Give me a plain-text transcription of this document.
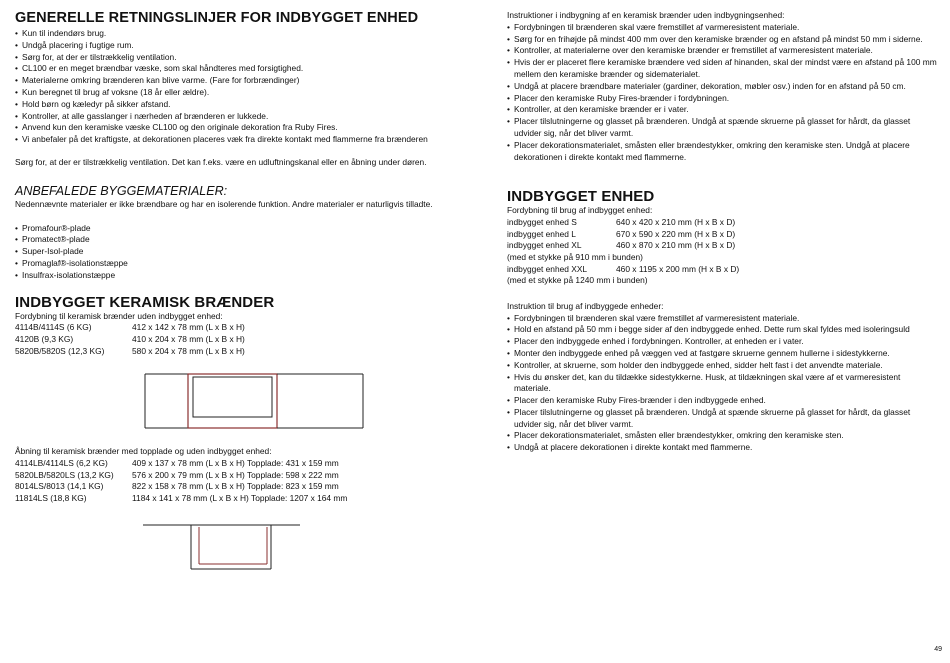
GENERELLE RETNINGSLINJER FOR INDBYGGET ENHED
• Kun til indendørs brug.
• Undgå placering i fugtige rum.
• Sørg for, at der er tilstrækkelig ventilation.
• CL100 er en meget brændbar væske, som skal håndteres med forsigtighed.
• Materialerne omkring brænderen kan blive varme. (Fare for forbrændinger)
• Kun beregnet til brug af voksne (18 år eller ældre).
• Hold børn og kæledyr på sikker afstand.
• Kontroller, at alle gasslanger i nærheden af brænderen er lukkede.
• Anvend kun den keramiske væske CL100 og den originale dekoration fra Ruby Fires.
• Vi anbefaler på det kraftigste, at dekorationen placeres væk fra direkte kontakt med flammerne fra brænderen
Sørg for, at der er tilstrækkelig ventilation. Det kan f.eks. være en udluftningskanal eller en åbning under døren.
ANBEFALEDE BYGGEMATERIALER:
Nedennævnte materialer er ikke brændbare og har en isolerende funktion. Andre materialer er naturligvis tilladte.
• Promafour®-plade
• Promatect®-plade
• Super-Isol-plade
• Promaglaf®-isolationstæppe
• Insulfrax-isolationstæppe
INDBYGGET KERAMISK BRÆNDER
Fordybning til keramisk brænder uden indbygget enhed:
4114B/4114S (6 KG)	412 x 142 x 78 mm (L x B x H)
4120B (9,3 KG)	410 x 204 x 78 mm (L x B x H)
5820B/5820S (12,3 KG)	580 x 204 x 78 mm (L x B x H)
Åbning til keramisk brænder med topplade og uden indbygget enhed:
4114LB/4114LS (6,2 KG)	409 x 137 x 78 mm (L x B x H) Topplade: 431 x 159 mm
5820LB/5820LS (13,2 KG)	576 x 200 x 79 mm (L x B x H) Topplade: 598 x 222 mm
8014LS/8013 (14,1 KG)	822 x 158 x 78 mm (L x B x H) Topplade: 823 x 159 mm
11814LS (18,8 KG)	1184 x 141 x 78 mm (L x B x H) Topplade: 1207 x 164 mm
Instruktioner i indbygning af en keramisk brænder uden indbygningsenhed:
• Fordybningen til brænderen skal være fremstillet af varmeresistent materiale.
• Sørg for en frihøjde på mindst 400 mm over den keramiske brænder og en afstand på mindst 50 mm i siderne.
• Kontroller, at materialerne over den keramiske brænder er fremstillet af varmeresistent materiale.
• Hvis der er placeret flere keramiske brændere ved siden af hinanden, skal der mindst være en afstand på 100 mm mellem den keramiske brænder og sidematerialet.
• Undgå at placere brændbare materialer (gardiner, dekoration, møbler osv.) inden for en afstand på 50 cm.
• Placer den keramiske Ruby Fires-brænder i fordybningen.
• Kontroller, at den keramiske brænder er i vater.
• Placer tilslutningerne og glasset på brænderen. Undgå at spænde skruerne på glasset for hårdt, da glasset udvider sig, når det bliver varmt.
• Placer dekorationsmaterialet, småsten eller brændestykker, omkring den keramiske sten. Undgå at placere dekorationen i direkte kontakt med flammerne.
INDBYGGET ENHED
Fordybning til brug af indbygget enhed:
indbygget enhed S	640 x 420 x 210 mm (H x B x D)
indbygget enhed L	670 x 590 x 220 mm (H x B x D)
indbygget enhed XL	460 x 870 x 210 mm (H x B x D)
(med et stykke på 910 mm i bunden)	
indbygget enhed XXL	460 x 1195 x 200 mm (H x B x D)
(med et stykke på 1240 mm i bunden)	
Instruktion til brug af indbyggede enheder:
• Fordybningen til brænderen skal være fremstillet af varmeresistent materiale.
• Hold en afstand på 50 mm i begge sider af den indbyggede enhed. Dette rum skal fyldes med isoleringsuld
• Placer den indbyggede enhed i fordybningen. Kontroller, at enheden er i vater.
• Monter den indbyggede enhed på væggen ved at fastgøre skruerne gennem hullerne i sidestykkerne.
• Kontroller, at skruerne, som holder den indbyggede enhed, sidder helt fast i det anvendte materiale.
• Hvis du ønsker det, kan du tildække sidestykkerne. Husk, at tildækningen skal være af et varmeresistent materiale.
• Placer den keramiske Ruby Fires-brænder i den indbyggede enhed.
• Placer tilslutningerne og glasset på brænderen. Undgå at spænde skruerne på glasset for hårdt, da glasset udvider sig, når det bliver varmt.
• Placer dekorationsmaterialet, småsten eller brændestykker, omkring den keramiske sten.
• Undgå at placere dekorationen i direkte kontakt med flammerne.
49
